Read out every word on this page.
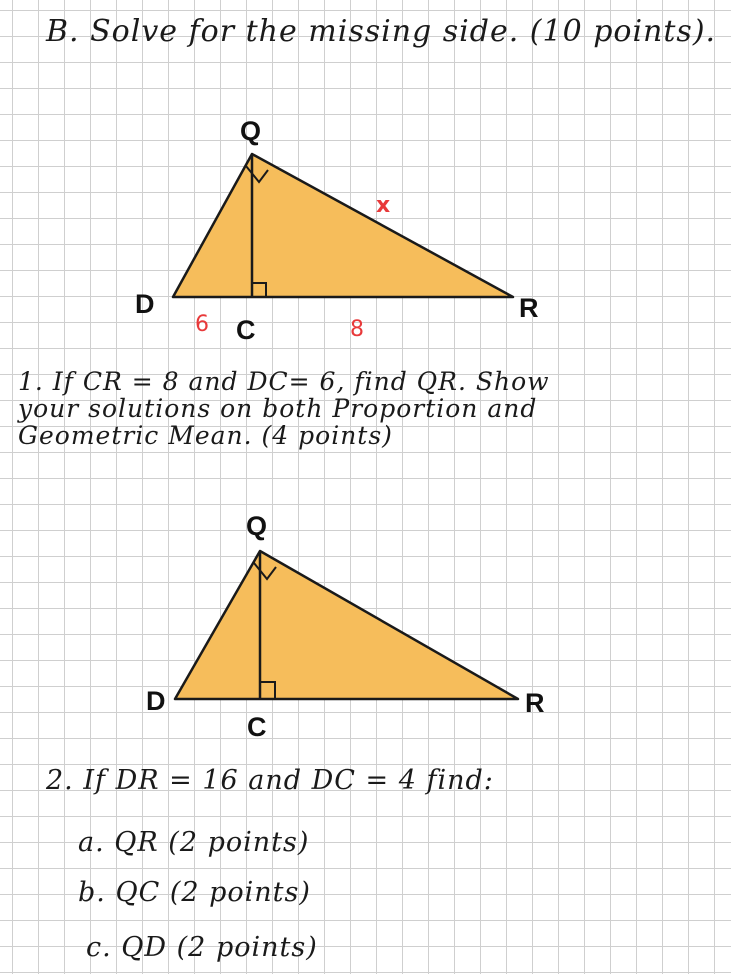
B. Solve for the missing side. (10 points).
Q
D
C
R
x
6	8
1. If CR = 8 and DC= 6, find QR. Show
your solutions on both Proportion and
Geometric Mean. (4 points)
Q
D
C
R
2. If DR = 16 and DC = 4 find:
a. QR (2 points)
b. QC (2 points)
c. QD (2 points)
